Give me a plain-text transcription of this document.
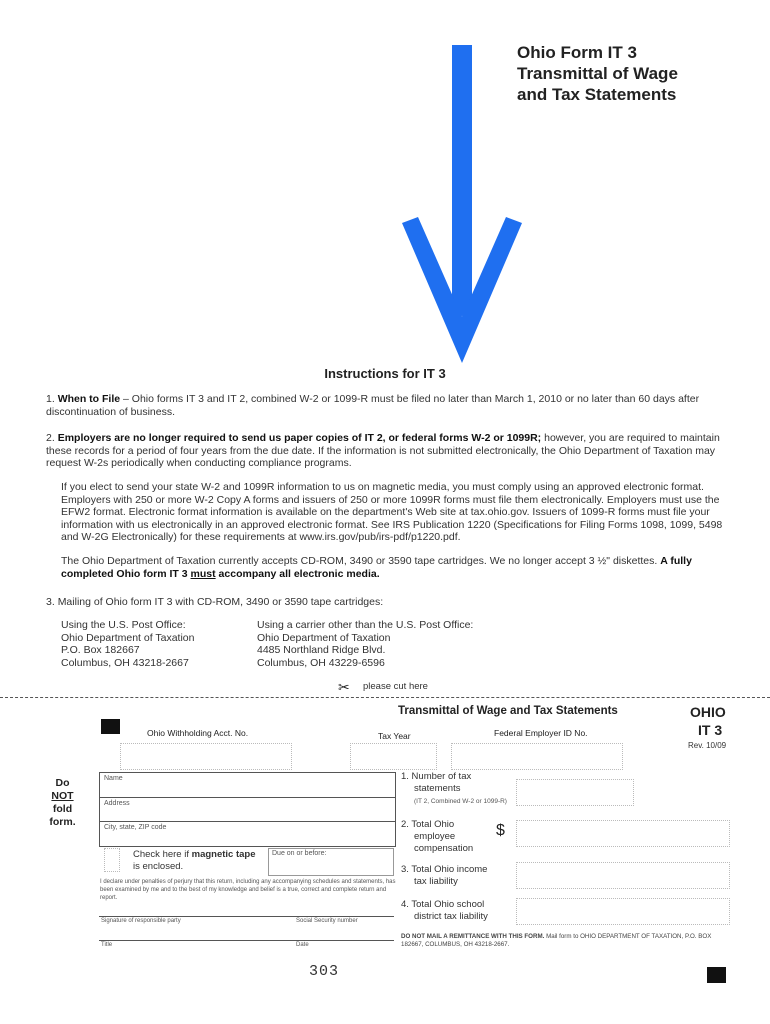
Ohio Form IT 3
Transmittal of Wage
and Tax Statements
Instructions for IT 3
1. When to File – Ohio forms IT 3 and IT 2, combined W-2 or 1099-R must be filed no later than March 1, 2010 or no later than 60 days after discontinuation of business.
2. Employers are no longer required to send us paper copies of IT 2, or federal forms W-2 or 1099R; however, you are required to maintain these records for a period of four years from the due date. If the information is not submitted electronically, the Ohio Department of Taxation may request W-2s periodically when conducting compliance programs.
If you elect to send your state W-2 and 1099R information to us on magnetic media, you must comply using an approved electronic format. Employers with 250 or more W-2 Copy A forms and issuers of 250 or more 1099R forms must file them electronically. Employers must use the EFW2 format. Electronic format information is available on the department's Web site at tax.ohio.gov. Issuers of 1099-R forms must file your information with us electronically in an approved electronic format. See IRS Publication 1220 (Specifications for Filing Forms 1098, 1099, 5498 and W-2G Electronically) for these requirements at www.irs.gov/pub/irs-pdf/p1220.pdf.
The Ohio Department of Taxation currently accepts CD-ROM, 3490 or 3590 tape cartridges. We no longer accept 3 ½" diskettes. A fully completed Ohio form IT 3 must accompany all electronic media.
3. Mailing of Ohio form IT 3 with CD-ROM, 3490 or 3590 tape cartridges:
Using the U.S. Post Office:
Ohio Department of Taxation
P.O. Box 182667
Columbus, OH 43218-2667
Using a carrier other than the U.S. Post Office:
Ohio Department of Taxation
4485 Northland Ridge Blvd.
Columbus, OH 43229-6596
✂ please cut here
Transmittal of Wage and Tax Statements	OHIO
IT 3
Rev. 10/09
Ohio Withholding Acct. No.	Tax Year	Federal Employer ID No.
Do
NOT
fold
form.
Name
Address
City, state, ZIP code
Check here if magnetic tape is enclosed.
Due on or before:
I declare under penalties of perjury that this return, including any accompanying schedules and statements, has been examined by me and to the best of my knowledge and belief is a true, correct and complete return and report.
Signature of responsible party	Social Security number
Title	Date
1. Number of tax
statements
(IT 2, Combined W-2 or 1099-R)
2. Total Ohio
employee
compensation
$
3. Total Ohio income
tax liability
4. Total Ohio school
district tax liability
DO NOT MAIL A REMITTANCE WITH THIS FORM. Mail form to OHIO DEPARTMENT OF TAXATION, P.O. BOX 182667, COLUMBUS, OH 43218-2667.
303
